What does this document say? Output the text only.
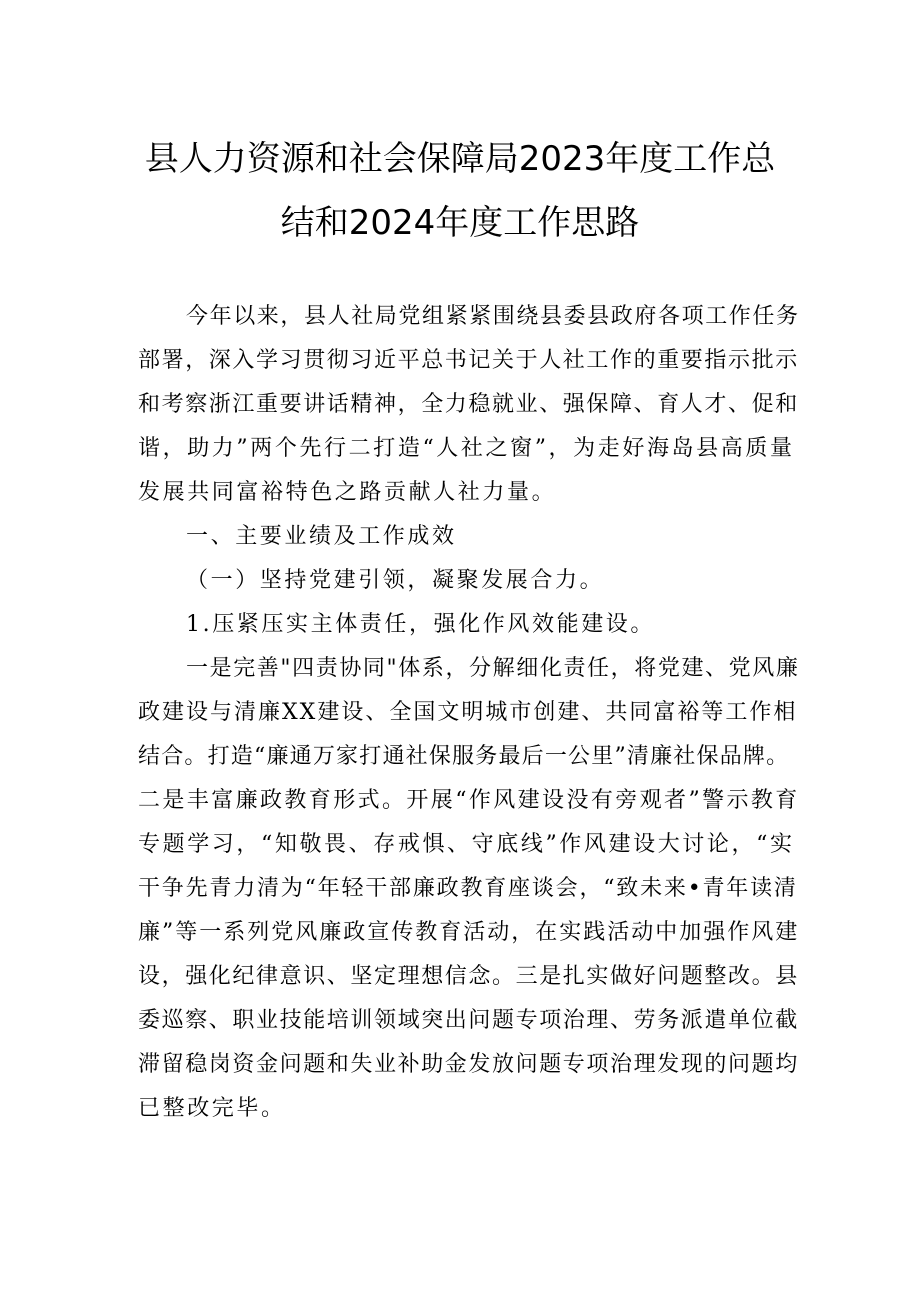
县人力资源和社会保障局2023年度工作总
结和2024年度工作思路
今年以来，县人社局党组紧紧围绕县委县政府各项工作任务
部署，深入学习贯彻习近平总书记关于人社工作的重要指示批示
和考察浙江重要讲话精神，全力稳就业、强保障、育人才、促和
谐，助力”两个先行二打造“人社之窗”，为走好海岛县高质量
发展共同富裕特色之路贡献人社力量。
一、主要业绩及工作成效
（一）坚持党建引领，凝聚发展合力。
1.压紧压实主体责任，强化作风效能建设。
一是完善"四责协同"体系，分解细化责任，将党建、党风廉
政建设与清廉XX建设、全国文明城市创建、共同富裕等工作相
结合。打造“廉通万家打通社保服务最后一公里”清廉社保品牌。
二是丰富廉政教育形式。开展“作风建设没有旁观者”警示教育
专题学习，“知敬畏、存戒惧、守底线”作风建设大讨论，“实
干争先青力清为“年轻干部廉政教育座谈会，“致未来•青年读清
廉”等一系列党风廉政宣传教育活动，在实践活动中加强作风建
设，强化纪律意识、坚定理想信念。三是扎实做好问题整改。县
委巡察、职业技能培训领域突出问题专项治理、劳务派遣单位截
滞留稳岗资金问题和失业补助金发放问题专项治理发现的问题均
已整改完毕。
